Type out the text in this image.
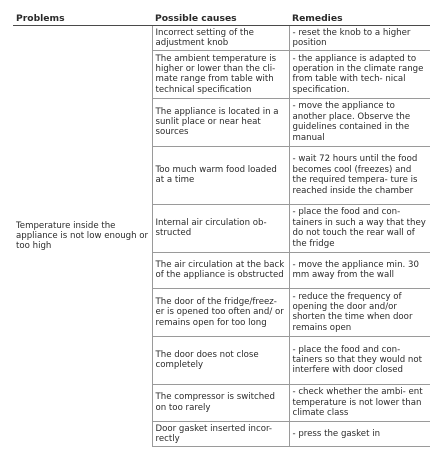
Problems	Possible causes	Remedies
Temperature inside the appliance is not low enough or too high	Incorrect setting of the adjustment knob	- reset the knob to a higher position
	The ambient temperature is higher or lower than the cli- mate range from table with technical specification	- the appliance is adapted to operation in the climate range from table with tech- nical specification.
	The appliance is located in a sunlit place or near heat sources	- move the appliance to another place. Observe the guidelines contained in the manual
	Too much warm food loaded at a time	- wait 72 hours until the food becomes cool (freezes) and the required tempera- ture is reached inside the chamber
	Internal air circulation ob- structed	- place the food and con- tainers in such a way that they do not touch the rear wall of the fridge
	The air circulation at the back of the appliance is obstructed	- move the appliance min. 30 mm away from the wall
	The door of the fridge/freez- er is opened too often and/ or remains open for too long	- reduce the frequency of opening the door and/or shorten the time when door remains open
	The door does not close completely	- place the food and con- tainers so that they would not interfere with door closed
	The compressor is switched on too rarely	- check whether the ambi- ent temperature is not lower than climate class
	Door gasket inserted incor- rectly	- press the gasket in
